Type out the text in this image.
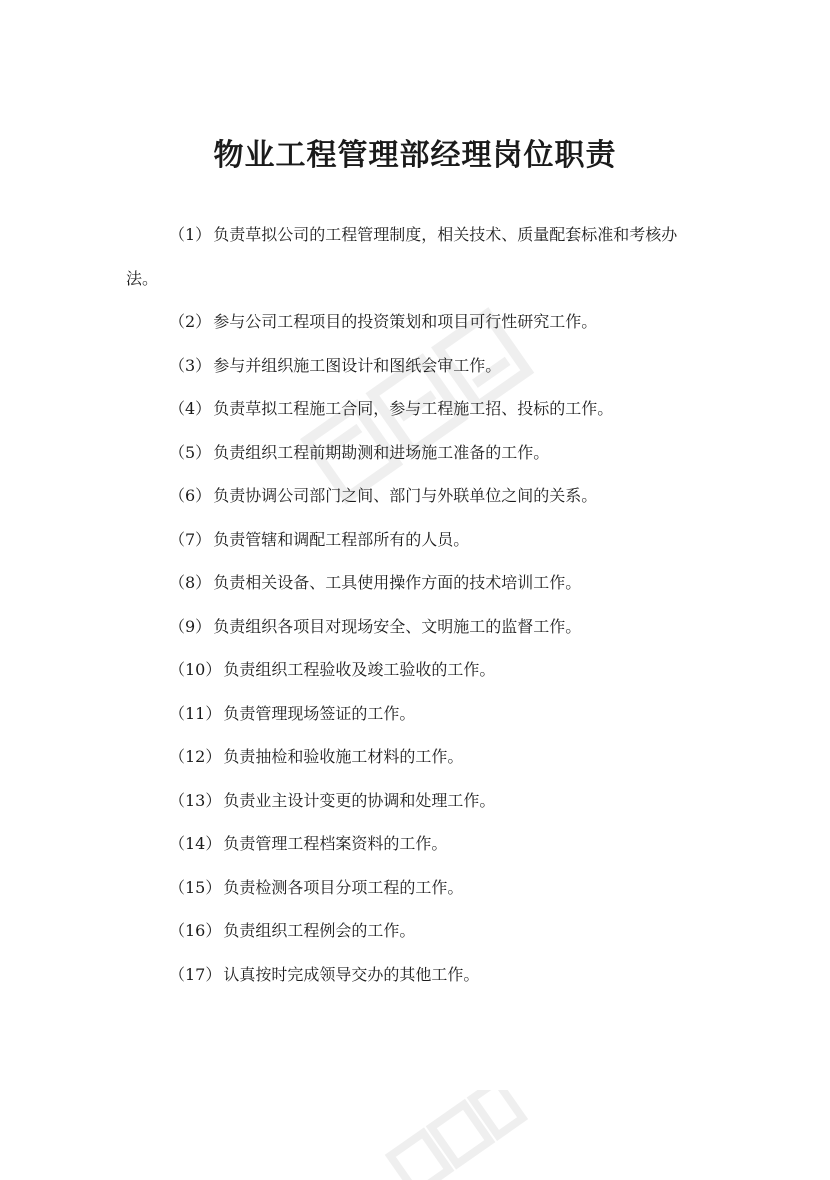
物业工程管理部经理岗位职责
（1） 负责草拟公司的工程管理制度，相关技术、质量配套标准和考核办法。
（2） 参与公司工程项目的投资策划和项目可行性研究工作。
（3） 参与并组织施工图设计和图纸会审工作。
（4） 负责草拟工程施工合同，参与工程施工招、投标的工作。
（5） 负责组织工程前期勘测和进场施工准备的工作。
（6） 负责协调公司部门之间、部门与外联单位之间的关系。
（7） 负责管辖和调配工程部所有的人员。
（8） 负责相关设备、工具使用操作方面的技术培训工作。
（9） 负责组织各项目对现场安全、文明施工的监督工作。
（10） 负责组织工程验收及竣工验收的工作。
（11） 负责管理现场签证的工作。
（12） 负责抽检和验收施工材料的工作。
（13） 负责业主设计变更的协调和处理工作。
（14） 负责管理工程档案资料的工作。
（15） 负责检测各项目分项工程的工作。
（16） 负责组织工程例会的工作。
（17） 认真按时完成领导交办的其他工作。
